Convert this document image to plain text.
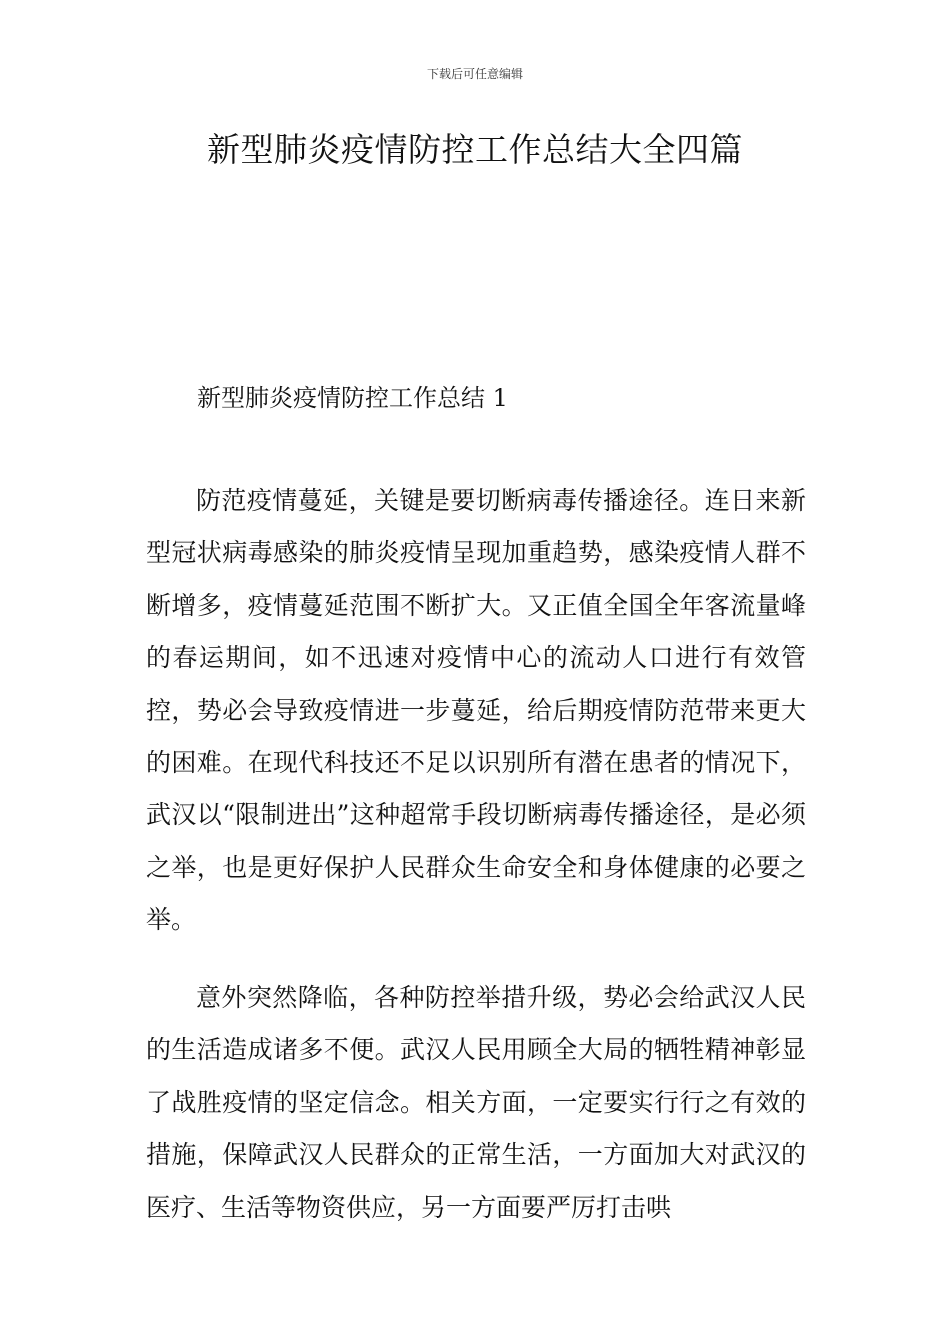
下载后可任意编辑
新型肺炎疫情防控工作总结大全四篇
新型肺炎疫情防控工作总结 1

防范疫情蔓延，关键是要切断病毒传播途径。连日来新型冠状病毒感染的肺炎疫情呈现加重趋势，感染疫情人群不断增多，疫情蔓延范围不断扩大。又正值全国全年客流量峰的春运期间，如不迅速对疫情中心的流动人口进行有效管控，势必会导致疫情进一步蔓延，给后期疫情防范带来更大的困难。在现代科技还不足以识别所有潜在患者的情况下，武汉以“限制进出”这种超常手段切断病毒传播途径，是必须之举，也是更好保护人民群众生命安全和身体健康的必要之举。

意外突然降临，各种防控举措升级，势必会给武汉人民的生活造成诸多不便。武汉人民用顾全大局的牺牲精神彰显了战胜疫情的坚定信念。相关方面，一定要实行行之有效的措施，保障武汉人民群众的正常生活，一方面加大对武汉的医疗、生活等物资供应，另一方面要严厉打击哄
